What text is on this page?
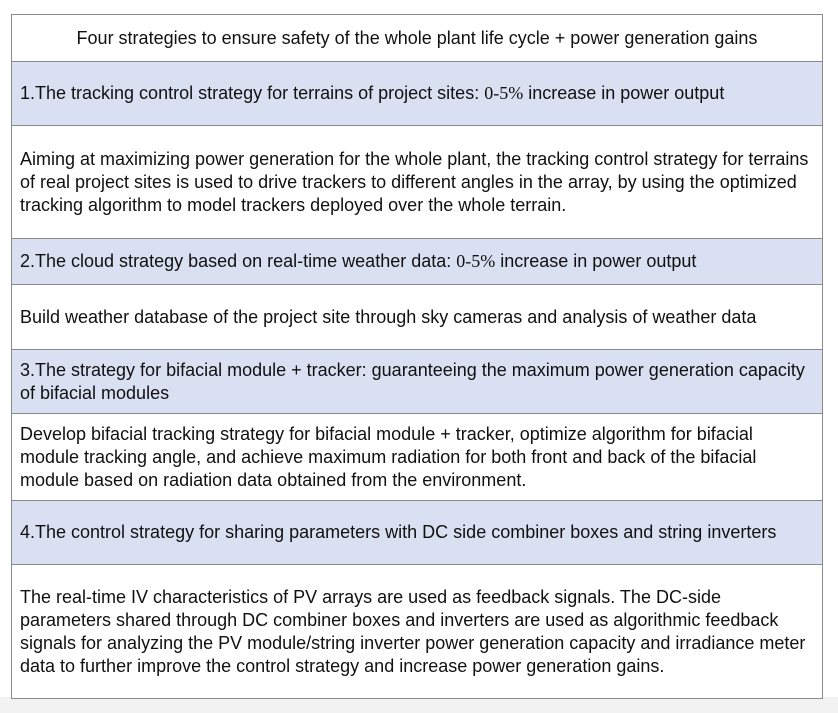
Four strategies to ensure safety of the whole plant life cycle + power generation gains
1.The tracking control strategy for terrains of project sites: 0-5% increase in power output
Aiming at maximizing power generation for the whole plant, the tracking control strategy for terrains of real project sites is used to drive trackers to different angles in the array, by using the optimized tracking algorithm to model trackers deployed over the whole terrain.
2.The cloud strategy based on real-time weather data: 0-5% increase in power output
Build weather database of the project site through sky cameras and analysis of weather data
3.The strategy for bifacial module + tracker: guaranteeing the maximum power generation capacity of bifacial modules
Develop bifacial tracking strategy for bifacial module + tracker, optimize algorithm for bifacial module tracking angle, and achieve maximum radiation for both front and back of the bifacial module based on radiation data obtained from the environment.
4.The control strategy for sharing parameters with DC side combiner boxes and string inverters
The real-time IV characteristics of PV arrays are used as feedback signals. The DC-side parameters shared through DC combiner boxes and inverters are used as algorithmic feedback signals for analyzing the PV module/string inverter power generation capacity and irradiance meter data to further improve the control strategy and increase power generation gains.
